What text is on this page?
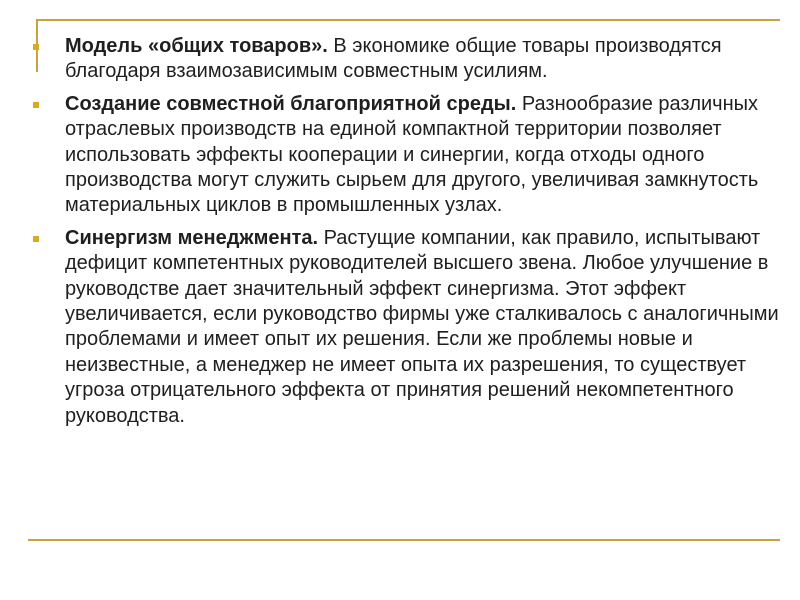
Модель «общих товаров». В экономике общие товары производятся благодаря взаимозависимым совместным усилиям.
Создание совместной благоприятной среды. Разнообразие различных отраслевых производств на единой компактной территории позволяет использовать эффекты кооперации и синергии, когда отходы одного производства могут служить сырьем для другого, увеличивая замкнутость материальных циклов в промышленных узлах.
Синергизм менеджмента. Растущие компании, как правило, испытывают дефицит компетентных руководителей высшего звена. Любое улучшение в руководстве дает значительный эффект синергизма. Этот эффект увеличивается, если руководство фирмы уже сталкивалось с аналогичными проблемами и имеет опыт их решения. Если же проблемы новые и неизвестные, а менеджер не имеет опыта их разрешения, то существует угроза отрицательного эффекта от принятия решений некомпетентного руководства.
